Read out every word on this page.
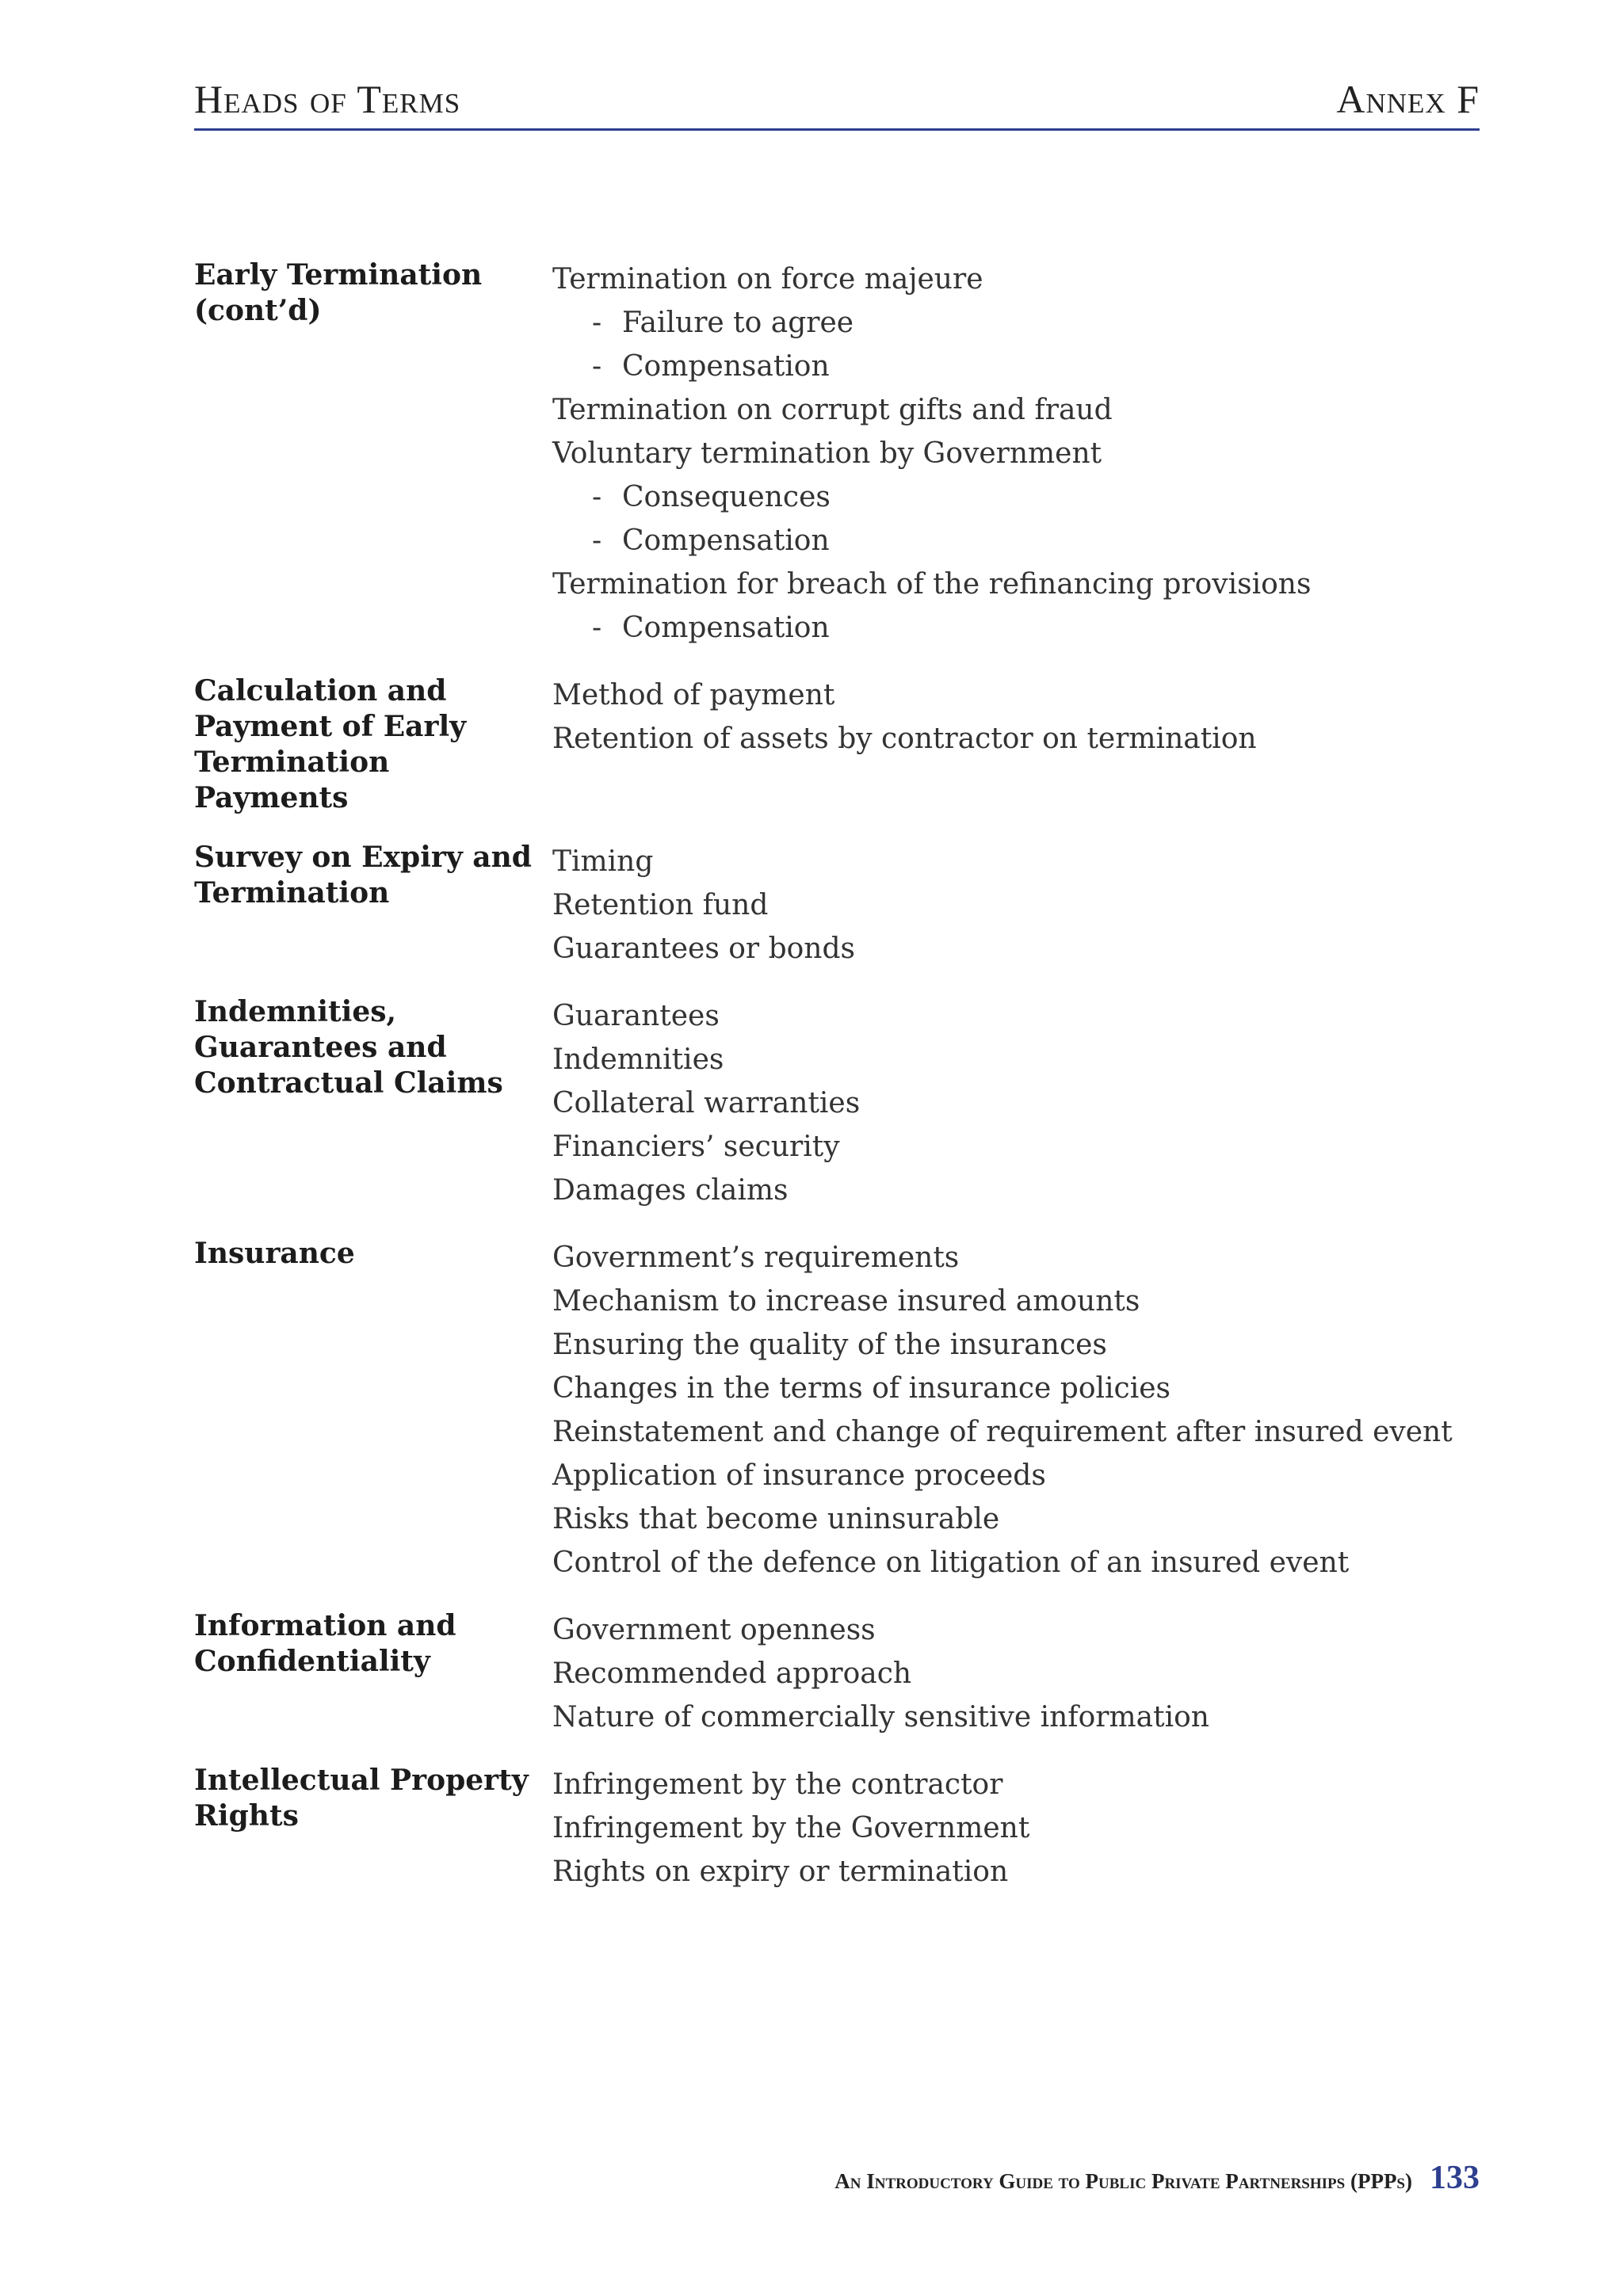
Heads of Terms	Annex F
Early Termination (cont’d)
Termination on force majeure
- Failure to agree
- Compensation
Termination on corrupt gifts and fraud
Voluntary termination by Government
- Consequences
- Compensation
Termination for breach of the refinancing provisions
- Compensation
Calculation and Payment of Early Termination Payments
Method of payment
Retention of assets by contractor on termination
Survey on Expiry and Termination
Timing
Retention fund
Guarantees or bonds
Indemnities, Guarantees and Contractual Claims
Guarantees
Indemnities
Collateral warranties
Financiers’ security
Damages claims
Insurance	Government’s requirements
Mechanism to increase insured amounts
Ensuring the quality of the insurances
Changes in the terms of insurance policies
Reinstatement and change of requirement after insured event
Application of insurance proceeds
Risks that become uninsurable
Control of the defence on litigation of an insured event
Information and Confidentiality
Government openness
Recommended approach
Nature of commercially sensitive information
Intellectual Property Rights
Infringement by the contractor
Infringement by the Government
Rights on expiry or termination
An Introductory Guide to Public Private Partnerships (PPPs) 133
